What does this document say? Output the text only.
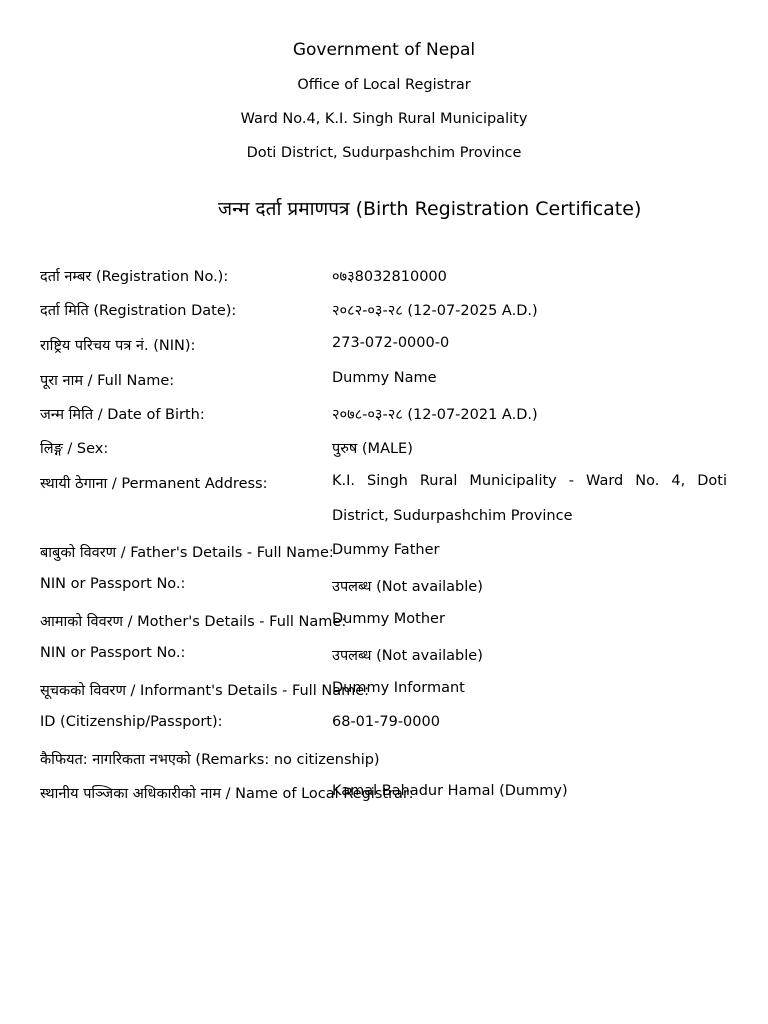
Government of Nepal
Office of Local Registrar
Ward No.4, K.I. Singh Rural Municipality
Doti District, Sudurpashchim Province
जन्म दर्ता प्रमाणपत्र (Birth Registration Certificate)
दर्ता नम्बर (Registration No.):	०७३8032810000
दर्ता मिति (Registration Date):	२०८२-०३-२८ (12-07-2025 A.D.)
राष्ट्रिय परिचय पत्र नं. (NIN):	273-072-0000-0
पूरा नाम / Full Name:	Dummy Name
जन्म मिति / Date of Birth:	२०७८-०३-२८ (12-07-2021 A.D.)
लिङ्ग / Sex:	पुरुष (MALE)
स्थायी ठेगाना / Permanent Address:	K.I. Singh Rural Municipality - Ward No. 4, Doti District, Sudurpashchim Province
बाबुको विवरण / Father's Details - Full Name:
Dummy Father
NIN or Passport No.:	उपलब्ध (Not available)
आमाको विवरण / Mother's Details - Full Name:
Dummy Mother
NIN or Passport No.:	उपलब्ध (Not available)
सूचकको विवरण / Informant's Details - Full Name:
Dummy Informant
ID (Citizenship/Passport):	68-01-79-0000
कैफियत: नागरिकता नभएको (Remarks: no citizenship)
स्थानीय पञ्जिका अधिकारीको नाम / Name of Local Registrar:
Kamal Bahadur Hamal (Dummy)
